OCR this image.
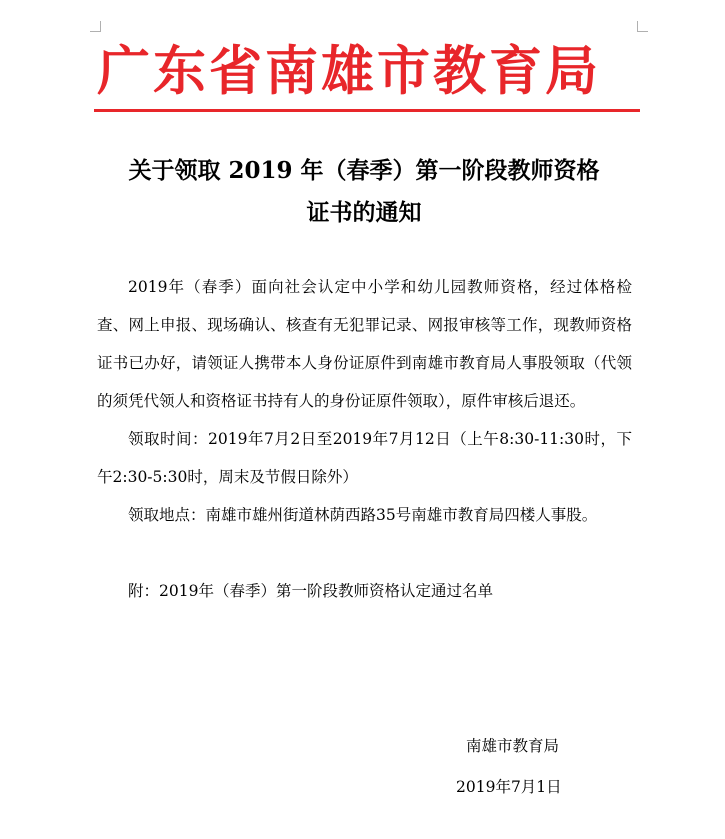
广东省南雄市教育局
关于领取 2019 年（春季）第一阶段教师资格
证书的通知

2019年（春季）面向社会认定中小学和幼儿园教师资格，经过体格检查、网上申报、现场确认、核查有无犯罪记录、网报审核等工作，现教师资格证书已办好，请领证人携带本人身份证原件到南雄市教育局人事股领取（代领的须凭代领人和资格证书持有人的身份证原件领取），原件审核后退还。

领取时间：2019年7月2日至2019年7月12日（上午8:30-11:30时，下午2:30-5:30时，周末及节假日除外）

领取地点：南雄市雄州街道林荫西路35号南雄市教育局四楼人事股。

附：2019年（春季）第一阶段教师资格认定通过名单

南雄市教育局
2019年7月1日
